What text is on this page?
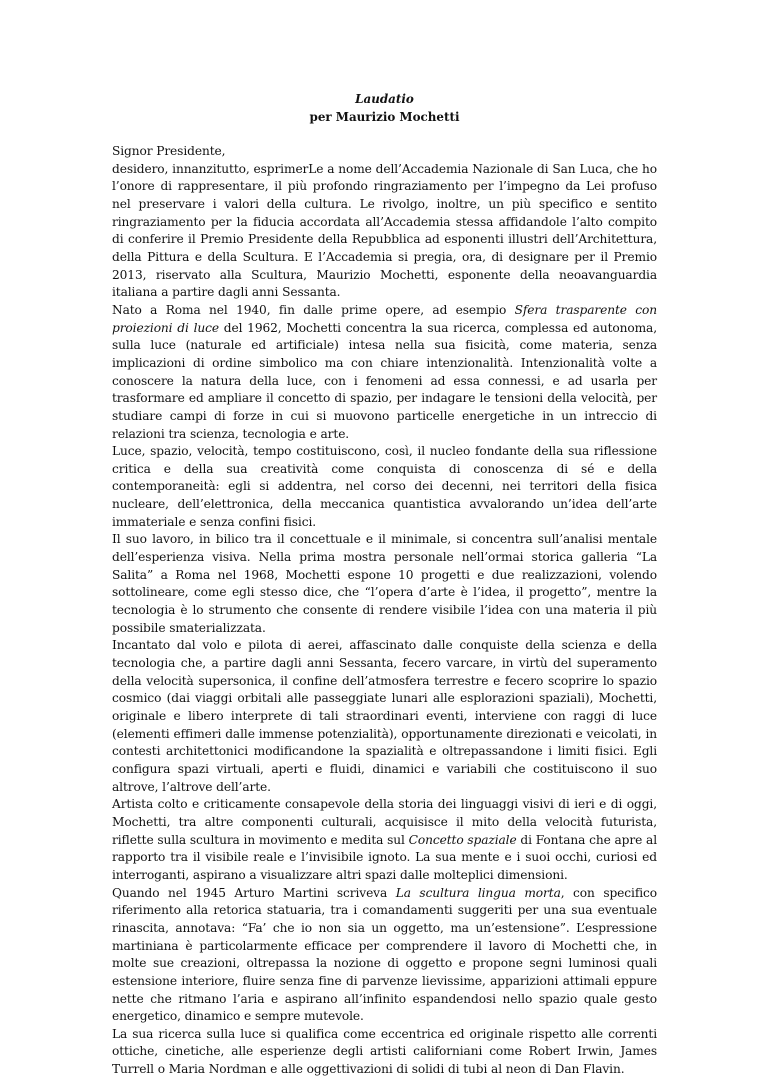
Laudatio
per Maurizio Mochetti

Signor Presidente,

desidero, innanzitutto, esprimerLe a nome dell’Accademia Nazionale di San Luca, che ho l’onore di rappresentare, il più profondo ringraziamento per l’impegno da Lei profuso nel preservare i valori della cultura. Le rivolgo, inoltre, un più specifico e sentito ringraziamento per la fiducia accordata all’Accademia stessa affidandole l’alto compito di conferire il Premio Presidente della Repubblica ad esponenti illustri dell’Architettura, della Pittura e della Scultura. E l’Accademia si pregia, ora, di designare per il Premio 2013, riservato alla Scultura, Maurizio Mochetti, esponente della neoavanguardia italiana a partire dagli anni Sessanta.

Nato a Roma nel 1940, fin dalle prime opere, ad esempio Sfera trasparente con proiezioni di luce del 1962, Mochetti concentra la sua ricerca, complessa ed autonoma, sulla luce (naturale ed artificiale) intesa nella sua fisicità, come materia, senza implicazioni di ordine simbolico ma con chiare intenzionalità. Intenzionalità volte a conoscere la natura della luce, con i fenomeni ad essa connessi, e ad usarla per trasformare ed ampliare il concetto di spazio, per indagare le tensioni della velocità, per studiare campi di forze in cui si muovono particelle energetiche in un intreccio di relazioni tra scienza, tecnologia e arte.

Luce, spazio, velocità, tempo costituiscono, così, il nucleo fondante della sua riflessione critica e della sua creatività come conquista di conoscenza di sé e della contemporaneità: egli si addentra, nel corso dei decenni, nei territori della fisica nucleare, dell’elettronica, della meccanica quantistica avvalorando un’idea dell’arte immateriale e senza confini fisici.

Il suo lavoro, in bilico tra il concettuale e il minimale, si concentra sull’analisi mentale dell’esperienza visiva. Nella prima mostra personale nell’ormai storica galleria “La Salita” a Roma nel 1968, Mochetti espone 10 progetti e due realizzazioni, volendo sottolineare, come egli stesso dice, che “l’opera d’arte è l’idea, il progetto”, mentre la tecnologia è lo strumento che consente di rendere visibile l’idea con una materia il più possibile smaterializzata.

Incantato dal volo e pilota di aerei, affascinato dalle conquiste della scienza e della tecnologia che, a partire dagli anni Sessanta, fecero varcare, in virtù del superamento della velocità supersonica, il confine dell’atmosfera terrestre e fecero scoprire lo spazio cosmico (dai viaggi orbitali alle passeggiate lunari alle esplorazioni spaziali), Mochetti, originale e libero interprete di tali straordinari eventi, interviene con raggi di luce (elementi effimeri dalle immense potenzialità), opportunamente direzionati e veicolati, in contesti architettonici modificandone la spazialità e oltrepassandone i limiti fisici. Egli configura spazi virtuali, aperti e fluidi, dinamici e variabili che costituiscono il suo altrove, l’altrove dell’arte.

Artista colto e criticamente consapevole della storia dei linguaggi visivi di ieri e di oggi, Mochetti, tra altre componenti culturali, acquisisce il mito della velocità futurista, riflette sulla scultura in movimento e medita sul Concetto spaziale di Fontana che apre al rapporto tra il visibile reale e l’invisibile ignoto. La sua mente e i suoi occhi, curiosi ed interroganti, aspirano a visualizzare altri spazi dalle molteplici dimensioni.

Quando nel 1945 Arturo Martini scriveva La scultura lingua morta, con specifico riferimento alla retorica statuaria, tra i comandamenti suggeriti per una sua eventuale rinascita, annotava: “Fa’ che io non sia un oggetto, ma un’estensione”. L’espressione martiniana è particolarmente efficace per comprendere il lavoro di Mochetti che, in molte sue creazioni, oltrepassa la nozione di oggetto e propone segni luminosi quali estensione interiore, fluire senza fine di parvenze lievissime, apparizioni attimali eppure nette che ritmano l’aria e aspirano all’infinito espandendosi nello spazio quale gesto energetico, dinamico e sempre mutevole.

La sua ricerca sulla luce si qualifica come eccentrica ed originale rispetto alle correnti ottiche, cinetiche, alle esperienze degli artisti californiani come Robert Irwin, James Turrell o Maria Nordman e alle oggettivazioni di solidi di tubi al neon di Dan Flavin.
